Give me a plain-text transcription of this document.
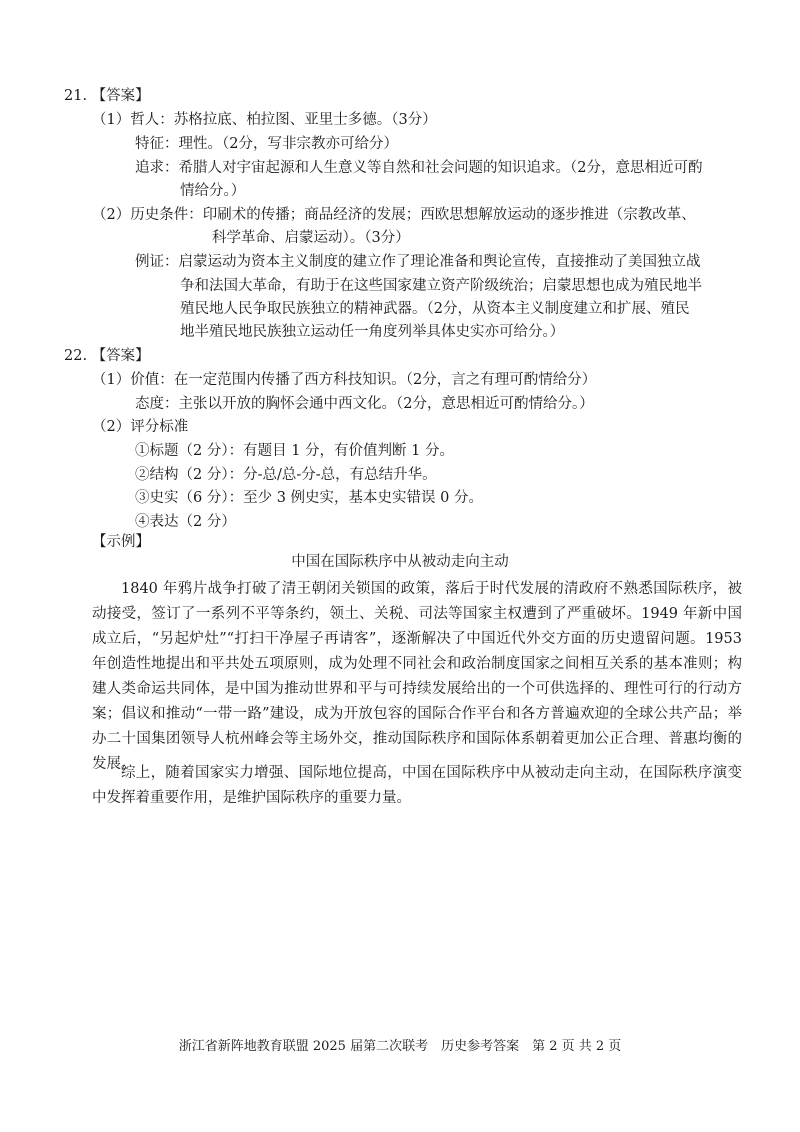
21. 【答案】
（1）哲人：苏格拉底、柏拉图、亚里士多德。（3分）
特征：理性。（2分，写非宗教亦可给分）
追求：希腊人对宇宙起源和人生意义等自然和社会问题的知识追求。（2分，意思相近可酌
情给分。）
（2）历史条件：印刷术的传播；商品经济的发展；西欧思想解放运动的逐步推进（宗教改革、
科学革命、启蒙运动）。（3分）
例证：启蒙运动为资本主义制度的建立作了理论准备和舆论宣传，直接推动了美国独立战
争和法国大革命，有助于在这些国家建立资产阶级统治；启蒙思想也成为殖民地半
殖民地人民争取民族独立的精神武器。（2分，从资本主义制度建立和扩展、殖民
地半殖民地民族独立运动任一角度列举具体史实亦可给分。）
22. 【答案】
（1）价值：在一定范围内传播了西方科技知识。（2分，言之有理可酌情给分）
态度：主张以开放的胸怀会通中西文化。（2分，意思相近可酌情给分。）
（2）评分标准
①标题（2 分）：有题目 1 分，有价值判断 1 分。
②结构（2 分）：分-总/总-分-总，有总结升华。
③史实（6 分）：至少 3 例史实，基本史实错误 0 分。
④表达（2 分）
【示例】
中国在国际秩序中从被动走向主动
1840 年鸦片战争打破了清王朝闭关锁国的政策，落后于时代发展的清政府不熟悉国际秩序，被动接受，签订了一系列不平等条约，领土、关税、司法等国家主权遭到了严重破坏。1949 年新中国成立后，“另起炉灶”“打扫干净屋子再请客”，逐渐解决了中国近代外交方面的历史遗留问题。1953 年创造性地提出和平共处五项原则，成为处理不同社会和政治制度国家之间相互关系的基本准则；构建人类命运共同体，是中国为推动世界和平与可持续发展给出的一个可供选择的、理性可行的行动方案；倡议和推动“一带一路”建设，成为开放包容的国际合作平台和各方普遍欢迎的全球公共产品；举办二十国集团领导人杭州峰会等主场外交，推动国际秩序和国际体系朝着更加公正合理、普惠均衡的发展。
综上，随着国家实力增强、国际地位提高，中国在国际秩序中从被动走向主动，在国际秩序演变中发挥着重要作用，是维护国际秩序的重要力量。
浙江省新阵地教育联盟 2025 届第二次联考　历史参考答案　第 2 页 共 2 页
